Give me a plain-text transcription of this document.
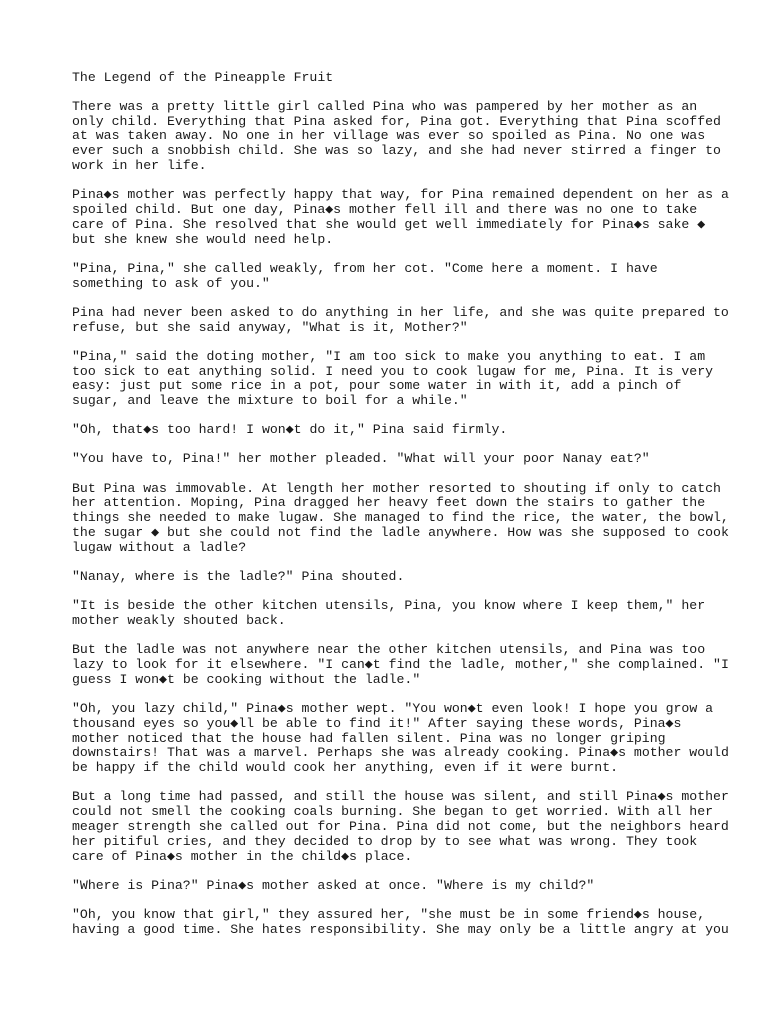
The Legend of the Pineapple Fruit
There was a pretty little girl called Pina who was pampered by her mother as an
only child. Everything that Pina asked for, Pina got. Everything that Pina scoffed
at was taken away. No one in her village was ever so spoiled as Pina. No one was
ever such a snobbish child. She was so lazy, and she had never stirred a finger to
work in her life.
Pina◆s mother was perfectly happy that way, for Pina remained dependent on her as a
spoiled child. But one day, Pina◆s mother fell ill and there was no one to take
care of Pina. She resolved that she would get well immediately for Pina◆s sake ◆
but she knew she would need help.
"Pina, Pina," she called weakly, from her cot. "Come here a moment. I have
something to ask of you."
Pina had never been asked to do anything in her life, and she was quite prepared to
refuse, but she said anyway, "What is it, Mother?"
"Pina," said the doting mother, "I am too sick to make you anything to eat. I am
too sick to eat anything solid. I need you to cook lugaw for me, Pina. It is very
easy: just put some rice in a pot, pour some water in with it, add a pinch of
sugar, and leave the mixture to boil for a while."
"Oh, that◆s too hard! I won◆t do it," Pina said firmly.
"You have to, Pina!" her mother pleaded. "What will your poor Nanay eat?"
But Pina was immovable. At length her mother resorted to shouting if only to catch
her attention. Moping, Pina dragged her heavy feet down the stairs to gather the
things she needed to make lugaw. She managed to find the rice, the water, the bowl,
the sugar ◆ but she could not find the ladle anywhere. How was she supposed to cook
lugaw without a ladle?
"Nanay, where is the ladle?" Pina shouted.
"It is beside the other kitchen utensils, Pina, you know where I keep them," her
mother weakly shouted back.
But the ladle was not anywhere near the other kitchen utensils, and Pina was too
lazy to look for it elsewhere. "I can◆t find the ladle, mother," she complained. "I
guess I won◆t be cooking without the ladle."
"Oh, you lazy child," Pina◆s mother wept. "You won◆t even look! I hope you grow a
thousand eyes so you◆ll be able to find it!" After saying these words, Pina◆s
mother noticed that the house had fallen silent. Pina was no longer griping
downstairs! That was a marvel. Perhaps she was already cooking. Pina◆s mother would
be happy if the child would cook her anything, even if it were burnt.
But a long time had passed, and still the house was silent, and still Pina◆s mother
could not smell the cooking coals burning. She began to get worried. With all her
meager strength she called out for Pina. Pina did not come, but the neighbors heard
her pitiful cries, and they decided to drop by to see what was wrong. They took
care of Pina◆s mother in the child◆s place.
"Where is Pina?" Pina◆s mother asked at once. "Where is my child?"
"Oh, you know that girl," they assured her, "she must be in some friend◆s house,
having a good time. She hates responsibility. She may only be a little angry at you
